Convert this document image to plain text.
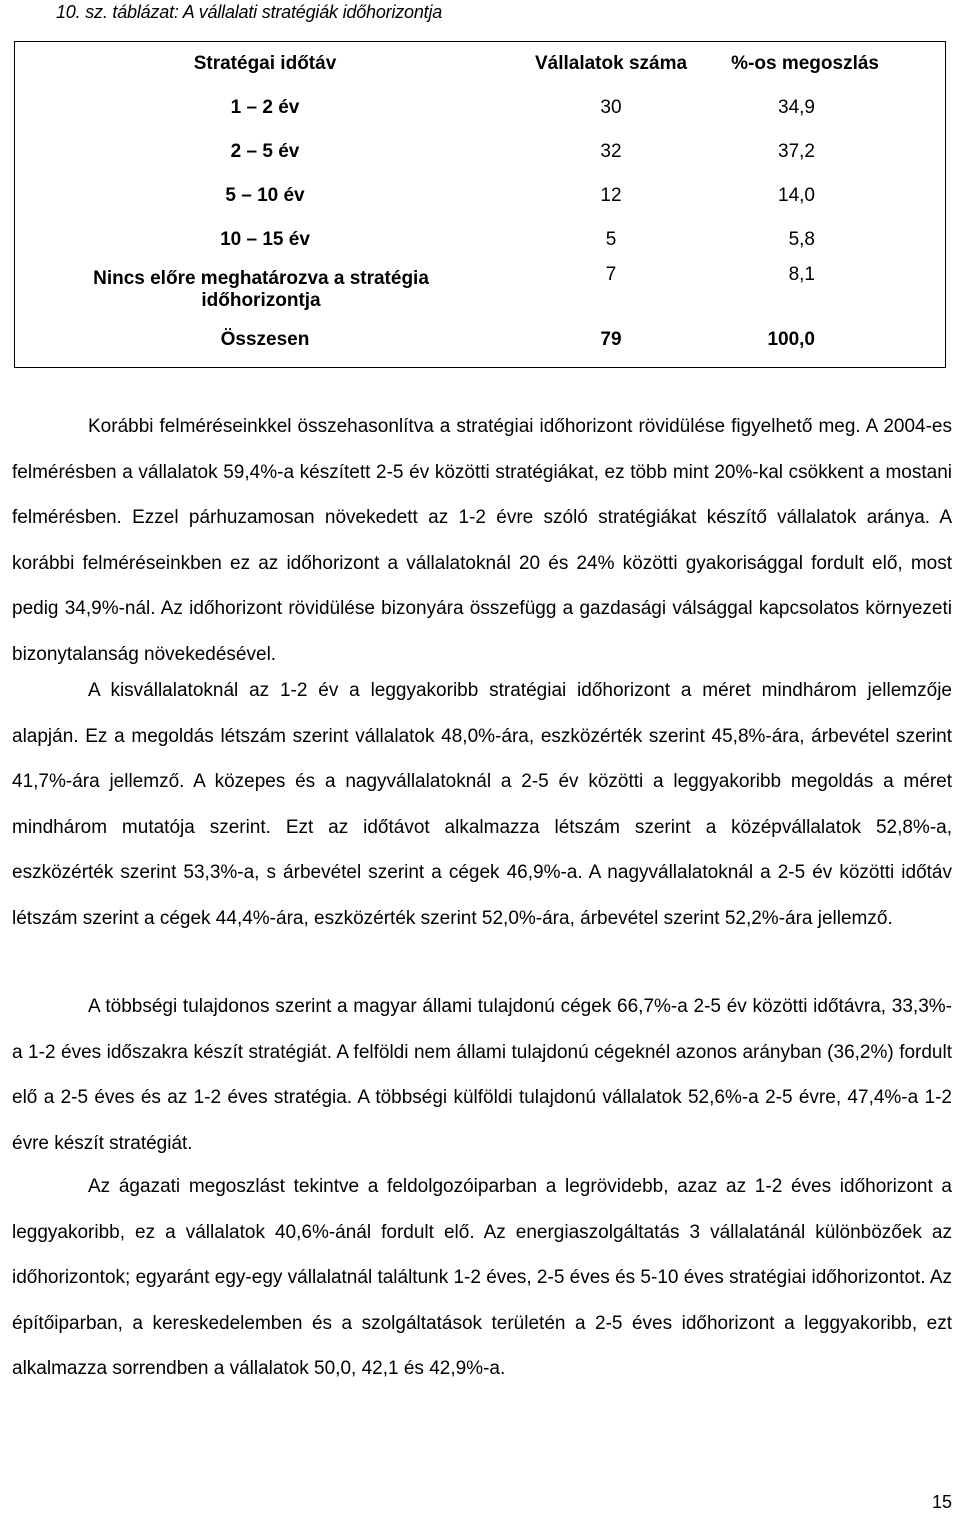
10. sz. táblázat: A vállalati stratégiák időhorizontja
Stratégai időtáv	Vállalatok száma	%-os megoszlás
1 – 2 év	30	34,9
2 – 5 év	32	37,2
5 – 10 év	12	14,0
10 – 15 év	5	5,8
Nincs előre meghatározva a stratégia időhorizontja	7	8,1
Összesen	79	100,0

Korábbi felméréseinkkel összehasonlítva a stratégiai időhorizont rövidülése figyelhető meg. A 2004-es felmérésben a vállalatok 59,4%-a készített 2-5 év közötti stratégiákat, ez több mint 20%-kal csökkent a mostani felmérésben. Ezzel párhuzamosan növekedett az 1-2 évre szóló stratégiákat készítő vállalatok aránya. A korábbi felméréseinkben ez az időhorizont a vállalatoknál 20 és 24% közötti gyakorisággal fordult elő, most pedig 34,9%-nál. Az időhorizont rövidülése bizonyára összefügg a gazdasági válsággal kapcsolatos környezeti bizonytalanság növekedésével.

A kisvállalatoknál az 1-2 év a leggyakoribb stratégiai időhorizont a méret mindhárom jellemzője alapján. Ez a megoldás létszám szerint vállalatok 48,0%-ára, eszközérték szerint 45,8%-ára, árbevétel szerint 41,7%-ára jellemző. A közepes és a nagyvállalatoknál a 2-5 év közötti a leggyakoribb megoldás a méret mindhárom mutatója szerint. Ezt az időtávot alkalmazza létszám szerint a középvállalatok 52,8%-a, eszközérték szerint 53,3%-a, s árbevétel szerint a cégek 46,9%-a. A nagyvállalatoknál a 2-5 év közötti időtáv létszám szerint a cégek 44,4%-ára, eszközérték szerint 52,0%-ára, árbevétel szerint 52,2%-ára jellemző.

A többségi tulajdonos szerint a magyar állami tulajdonú cégek 66,7%-a 2-5 év közötti időtávra, 33,3%-a 1-2 éves időszakra készít stratégiát. A felföldi nem állami tulajdonú cégeknél azonos arányban (36,2%) fordult elő a 2-5 éves és az 1-2 éves stratégia. A többségi külföldi tulajdonú vállalatok 52,6%-a 2-5 évre, 47,4%-a 1-2 évre készít stratégiát.

Az ágazati megoszlást tekintve a feldolgozóiparban a legrövidebb, azaz az 1-2 éves időhorizont a leggyakoribb, ez a vállalatok 40,6%-ánál fordult elő. Az energiaszolgáltatás 3 vállalatánál különbözőek az időhorizontok; egyaránt egy-egy vállalatnál találtunk 1-2 éves, 2-5 éves és 5-10 éves stratégiai időhorizontot. Az építőiparban, a kereskedelemben és a szolgáltatások területén a 2-5 éves időhorizont a leggyakoribb, ezt alkalmazza sorrendben a vállalatok 50,0, 42,1 és 42,9%-a.

15
